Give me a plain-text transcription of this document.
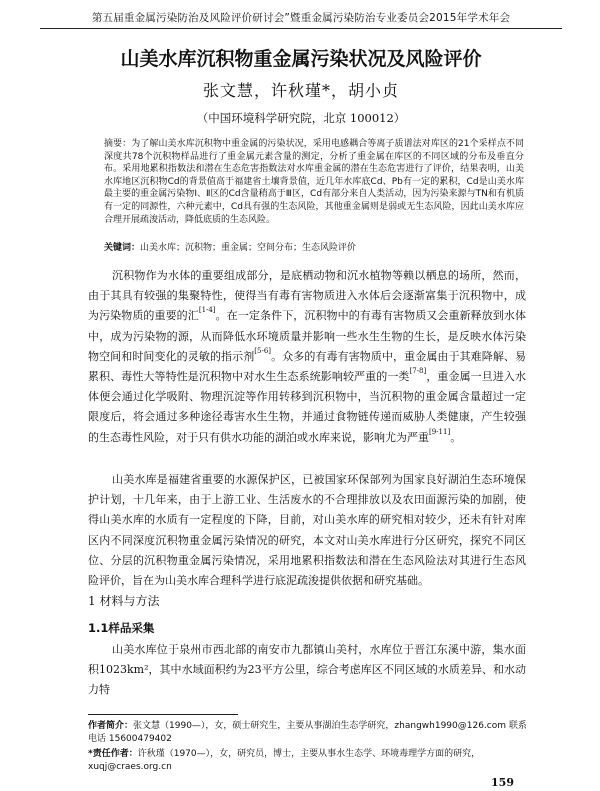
第五届重金属污染防治及风险评价研讨会”暨重金属污染防治专业委员会2015年学术年会
山美水库沉积物重金属污染状况及风险评价
张文慧，许秋瑾*，胡小贞
（中国环境科学研究院，北京 100012）
摘要：为了解山美水库沉积物中重金属的污染状况，采用电感耦合等离子质谱法对库区的21个采样点不同深度共78个沉积物样品进行了重金属元素含量的测定，分析了重金属在库区的不同区域的分布及垂直分布。采用地累积指数法和潜在生态危害指数法对水库重金属的潜在生态危害进行了评价，结果表明，山美水库地区沉积物Cd的背景值高于福建省土壤背景值，近几年水库底Cd、Pb有一定的累积，Cd是山美水库最主要的重金属污染物Ⅰ、Ⅱ区的Cd含量稍高于Ⅲ区，Cd有部分来自人类活动，因为污染来源与TN和有机质有一定的同源性，六种元素中，Cd具有强的生态风险，其他重金属则是弱或无生态风险，因此山美水库应合理开展疏浚活动，降低底质的生态风险。
关键词：山美水库；沉积物；重金属；空间分布；生态风险评价
沉积物作为水体的重要组成部分，是底栖动物和沉水植物等赖以栖息的场所，然而，由于其具有较强的集聚特性，使得当有毒有害物质进入水体后会逐渐富集于沉积物中，成为污染物质的重要的汇[1-4]。在一定条件下，沉积物中的有毒有害物质又会重新释放到水体中，成为污染物的源，从而降低水环境质量并影响一些水生生物的生长，是反映水体污染物空间和时间变化的灵敏的指示剂[5-6]。众多的有毒有害物质中，重金属由于其难降解、易累积、毒性大等特性是沉积物中对水生生态系统影响较严重的一类[7-8]，重金属一旦进入水体便会通过化学吸附、物理沉淀等作用转移到沉积物中，当沉积物的重金属含量超过一定限度后，将会通过多种途径毒害水生生物，并通过食物链传递而威胁人类健康，产生较强的生态毒性风险，对于只有供水功能的湖泊或水库来说，影响尤为严重[9-11]。
山美水库是福建省重要的水源保护区，已被国家环保部列为国家良好湖泊生态环境保护计划，十几年来，由于上游工业、生活废水的不合理排放以及农田面源污染的加剧，使得山美水库的水质有一定程度的下降，目前，对山美水库的研究相对较少，还未有针对库区内不同深度沉积物重金属污染情况的研究，本文对山美水库进行分区研究，探究不同区位、分层的沉积物重金属污染情况，采用地累积指数法和潜在生态风险法对其进行生态风险评价，旨在为山美水库合理科学进行底泥疏浚提供依据和研究基础。
1 材料与方法
1.1样品采集
山美水库位于泉州市西北部的南安市九都镇山美村，水库位于晋江东溪中游，集水面积1023km²，其中水域面积约为23平方公里，综合考虑库区不同区域的水质差异、和水动力特
作者简介：张文慧（1990—），女，硕士研究生，主要从事湖泊生态学研究，zhangwh1990@126.com 联系电话 15600479402
*责任作者：许秋瑾（1970—），女，研究员，博士，主要从事水生态学、环境毒理学方面的研究，xuqj@craes.org.cn
159
